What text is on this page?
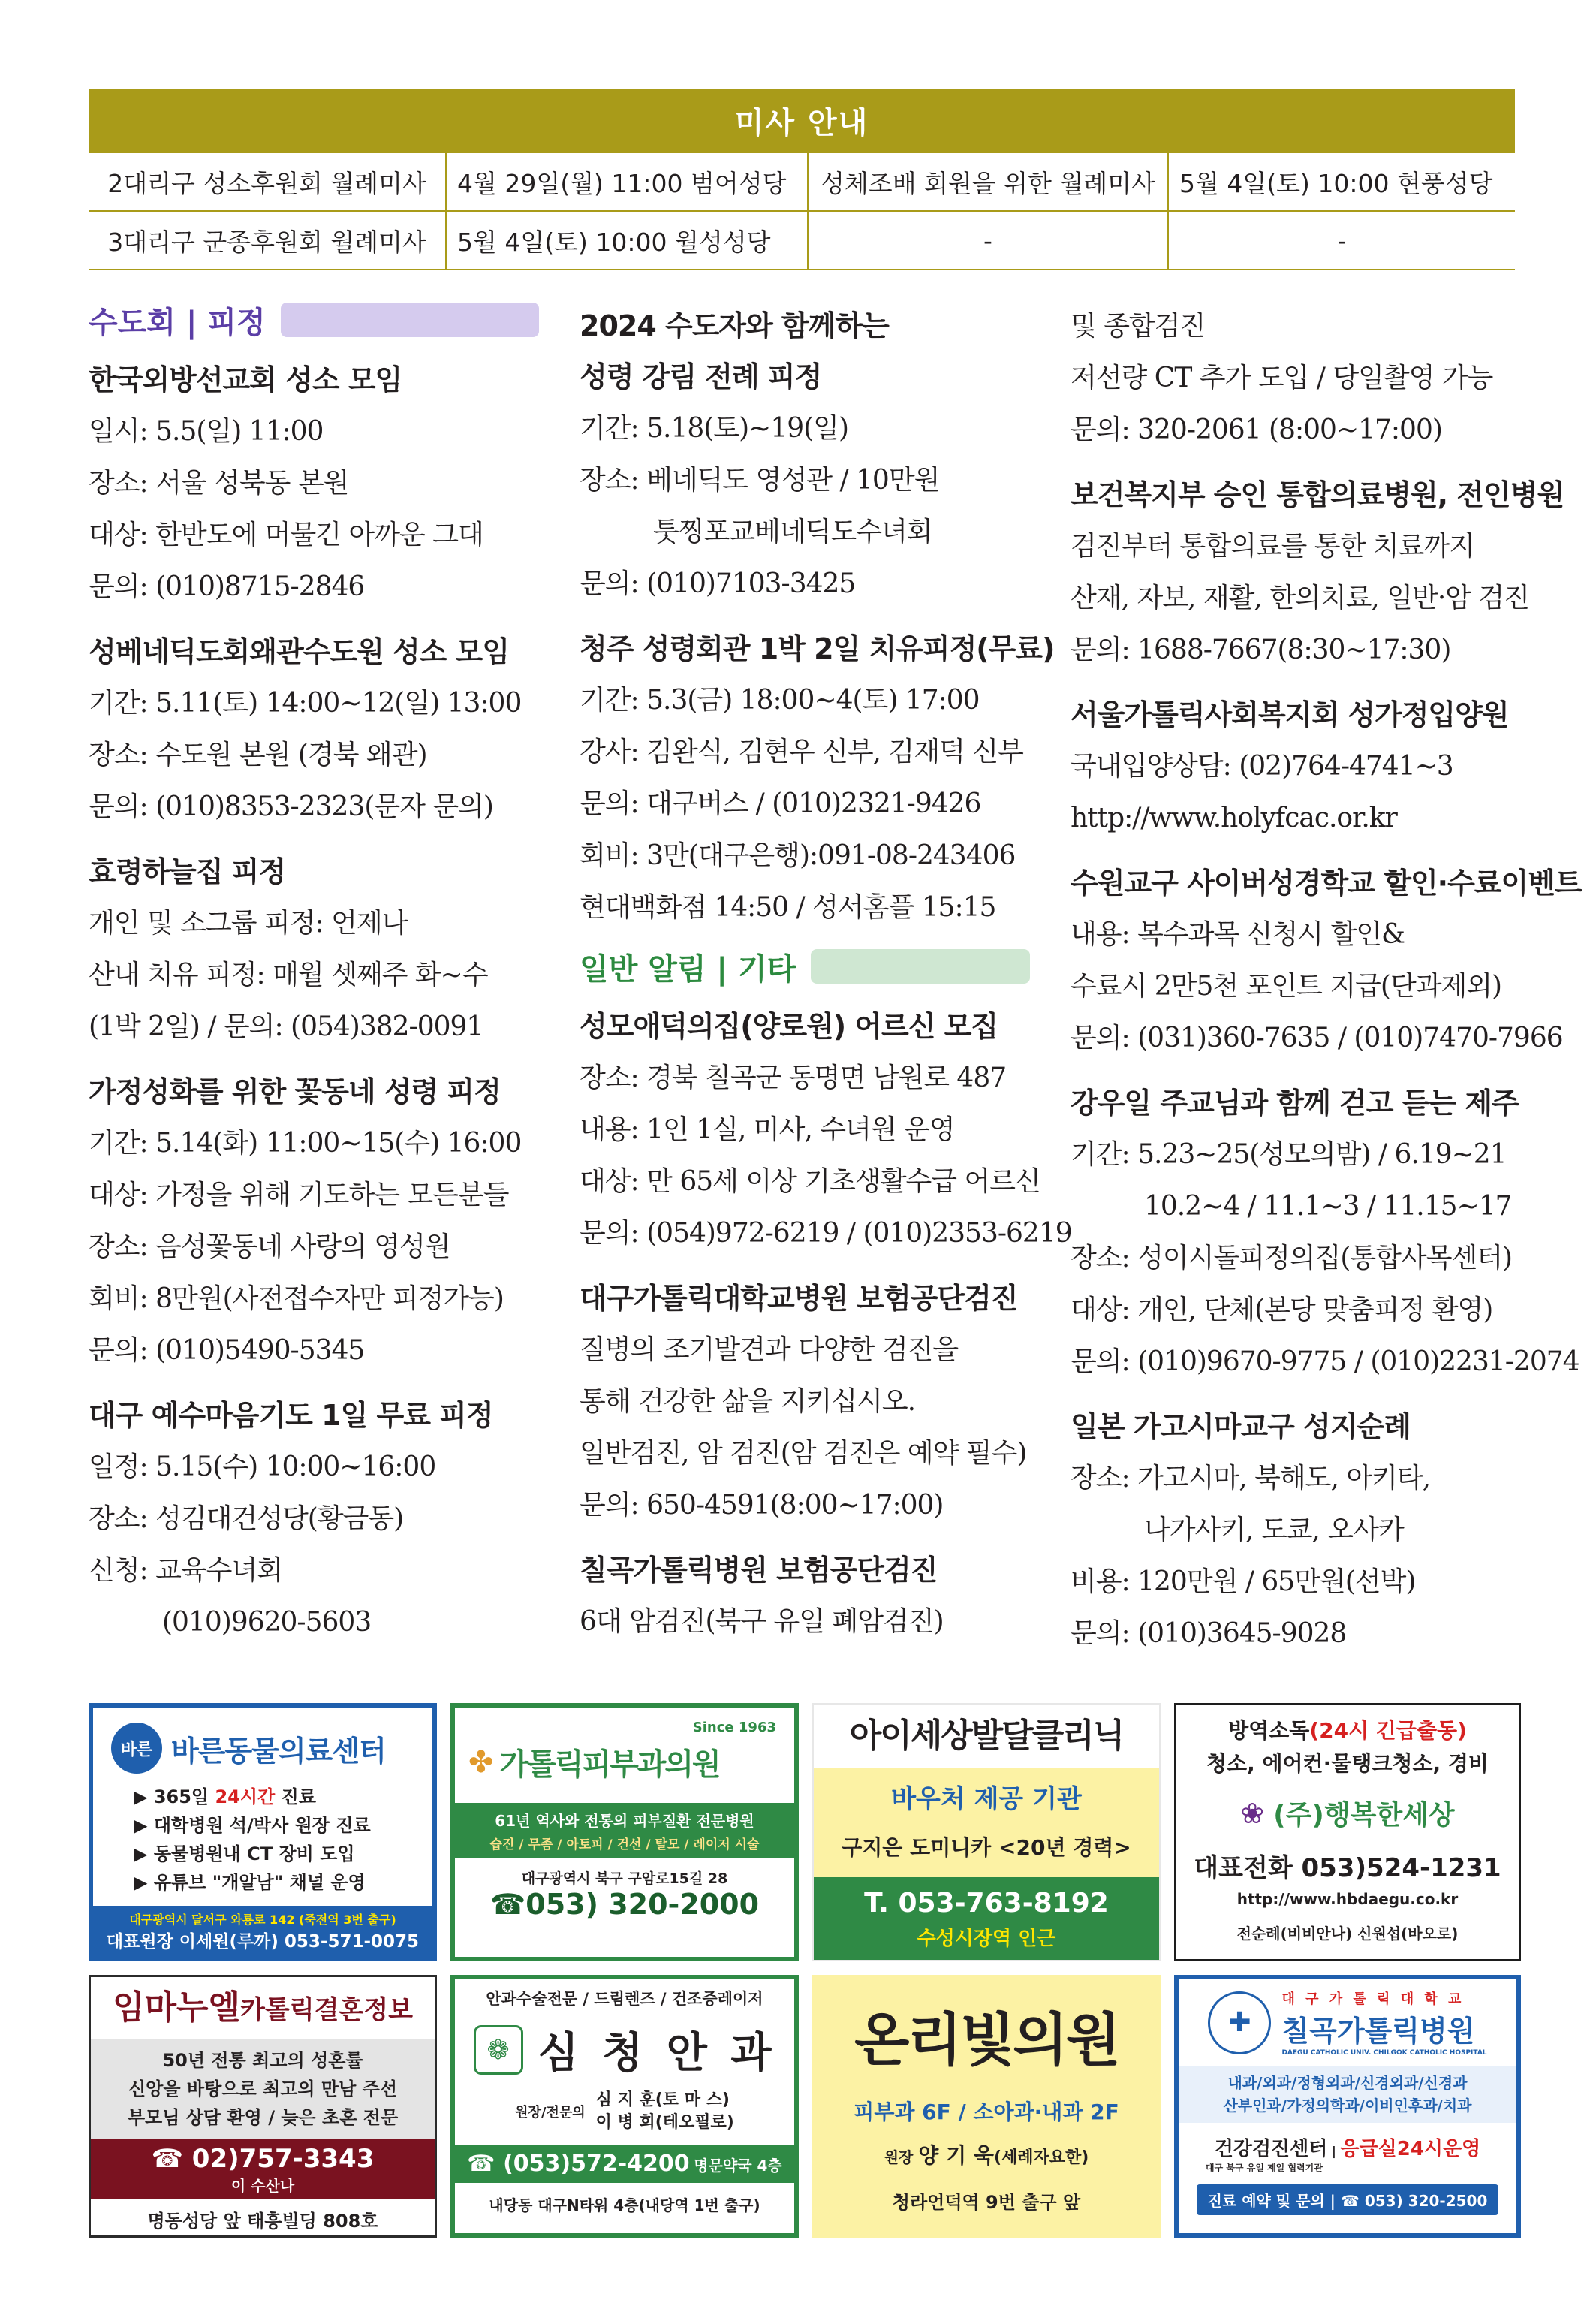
미사 안내
2대리구 성소후원회 월례미사	4월 29일(월) 11:00 범어성당	성체조배 회원을 위한 월례미사	5월 4일(토) 10:00 현풍성당
3대리구 군종후원회 월례미사	5월 4일(토) 10:00 월성성당	-	-
수도회 | 피정
한국외방선교회 성소 모임
일시: 5.5(일) 11:00
장소: 서울 성북동 본원
대상: 한반도에 머물긴 아까운 그대
문의: (010)8715-2846
성베네딕도회왜관수도원 성소 모임
기간: 5.11(토) 14:00~12(일) 13:00
장소: 수도원 본원 (경북 왜관)
문의: (010)8353-2323(문자 문의)
효령하늘집 피정
개인 및 소그룹 피정: 언제나
산내 치유 피정: 매월 셋째주 화~수
(1박 2일) / 문의: (054)382-0091
가정성화를 위한 꽃동네 성령 피정
기간: 5.14(화) 11:00~15(수) 16:00
대상: 가정을 위해 기도하는 모든분들
장소: 음성꽃동네 사랑의 영성원
회비: 8만원(사전접수자만 피정가능)
문의: (010)5490-5345
대구 예수마음기도 1일 무료 피정
일정: 5.15(수) 10:00~16:00
장소: 성김대건성당(황금동)
신청: 교육수녀회
(010)9620-5603
2024 수도자와 함께하는
성령 강림 전례 피정
기간: 5.18(토)~19(일)
장소: 베네딕도 영성관 / 10만원
툿찡포교베네딕도수녀회
문의: (010)7103-3425
청주 성령회관 1박 2일 치유피정(무료)
기간: 5.3(금) 18:00~4(토) 17:00
강사: 김완식, 김현우 신부, 김재덕 신부
문의: 대구버스 / (010)2321-9426
회비: 3만(대구은행):091-08-243406
현대백화점 14:50 / 성서홈플 15:15
일반 알림 | 기타
성모애덕의집(양로원) 어르신 모집
장소: 경북 칠곡군 동명면 남원로 487
내용: 1인 1실, 미사, 수녀원 운영
대상: 만 65세 이상 기초생활수급 어르신
문의: (054)972-6219 / (010)2353-6219
대구가톨릭대학교병원 보험공단검진
질병의 조기발견과 다양한 검진을
통해 건강한 삶을 지키십시오.
일반검진, 암 검진(암 검진은 예약 필수)
문의: 650-4591(8:00~17:00)
칠곡가톨릭병원 보험공단검진
6대 암검진(북구 유일 폐암검진)
및 종합검진
저선량 CT 추가 도입 / 당일촬영 가능
문의: 320-2061 (8:00~17:00)
보건복지부 승인 통합의료병원, 전인병원
검진부터 통합의료를 통한 치료까지
산재, 자보, 재활, 한의치료, 일반·암 검진
문의: 1688-7667(8:30~17:30)
서울가톨릭사회복지회 성가정입양원
국내입양상담: (02)764-4741~3
http://www.holyfcac.or.kr
수원교구 사이버성경학교 할인·수료이벤트
내용: 복수과목 신청시 할인&
수료시 2만5천 포인트 지급(단과제외)
문의: (031)360-7635 / (010)7470-7966
강우일 주교님과 함께 걷고 듣는 제주
기간: 5.23~25(성모의밤) / 6.19~21
10.2~4 / 11.1~3 / 11.15~17
장소: 성이시돌피정의집(통합사목센터)
대상: 개인, 단체(본당 맞춤피정 환영)
문의: (010)9670-9775 / (010)2231-2074
일본 가고시마교구 성지순례
장소: 가고시마, 북해도, 아키타,
나가사키, 도쿄, 오사카
비용: 120만원 / 65만원(선박)
문의: (010)3645-9028
바른 바른동물의료센터
▶ 365일 24시간 진료
▶ 대학병원 석/박사 원장 진료
▶ 동물병원내 CT 장비 도입
▶ 유튜브 "개알남" 채널 운영
대구광역시 달서구 와룡로 142 (죽전역 3번 출구)
대표원장 이세원(루까) 053-571-0075
Since 1963
✤ 가톨릭피부과의원
61년 역사와 전통의 피부질환 전문병원
습진 / 무좀 / 아토피 / 건선 / 탈모 / 레이저 시술
대구광역시 북구 구암로15길 28
☎053) 320-2000
아이세상발달클리닉
바우처 제공 기관
구지은 도미니카 <20년 경력>
T. 053-763-8192
수성시장역 인근
방역소독(24시 긴급출동)
청소, 에어컨·물탱크청소, 경비
❀ (주)행복한세상
대표전화 053)524-1231
http://www.hbdaegu.co.kr
전순례(비비안나) 신원섭(바오로)
임마누엘카톨릭결혼정보
50년 전통 최고의 성혼률
신앙을 바탕으로 최고의 만남 주선
부모님 상담 환영 / 늦은 초혼 전문
☎ 02)757-3343
이 수산나
명동성당 앞 태흥빌딩 808호
안과수술전문 / 드림렌즈 / 건조증레이저
❁ 심 청 안 과
원장/전문의
심 지 훈(토 마 스)
이 병 희(테오필로)
☎ (053)572-4200 명문약국 4층
내당동 대구N타워 4층(내당역 1번 출구)
온리빛의원
피부과 6F / 소아과·내과 2F
원장 양 기 욱(세례자요한)
청라언덕역 9번 출구 앞
✚
대 구 가 톨 릭 대 학 교
칠곡가톨릭병원
DAEGU CATHOLIC UNIV. CHILGOK CATHOLIC HOSPITAL
내과/외과/정형외과/신경외과/신경과
산부인과/가정의학과/이비인후과/치과
건강검진센터 | 응급실24시운영
대구 북구 유일 제일 협력기관
진료 예약 및 문의 | ☎ 053) 320-2500
